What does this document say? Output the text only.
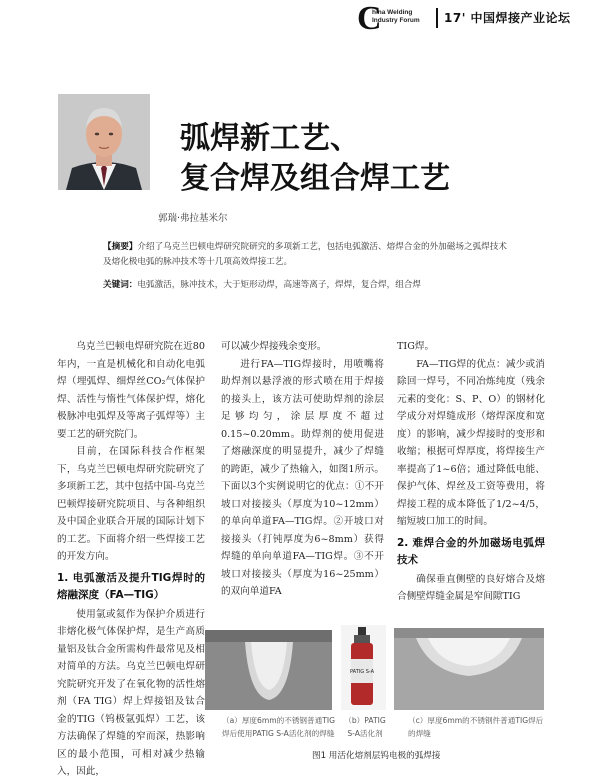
C
hina Welding
Industry Forum 17' 中国焊接产业论坛
弧焊新工艺、
复合焊及组合焊工艺
郭瑞·弗拉基米尔
【摘要】介绍了乌克兰巴顿电焊研究院研究的多项新工艺，包括电弧激活、熔焊合金的外加磁场之弧焊技术及熔化极电弧的脉冲技术等十几项高效焊接工艺。
关键词：电弧激活，脉冲技术，大于矩形动焊，高速等离子，焊焊，复合焊，组合焊

乌克兰巴顿电焊研究院在近80年内，一直是机械化和自动化电弧焊（埋弧焊、细焊丝CO₂气体保护焊、活性与惰性气体保护焊，熔化极脉冲电弧焊及等离子弧焊等）主要工艺的研究院门。

目前，在国际科技合作框架下，乌克兰巴顿电焊研究院研究了多项新工艺，其中包括中国-乌克兰巴顿焊接研究院项目、与各种组织及中国企业联合开展的国际计划下的工艺。下面将介绍一些焊接工艺的开发方向。

1. 电弧激活及提升TIG焊时的熔融深度（FA—TIG）

使用氩或氦作为保护介质进行非熔化极气体保护焊，是生产高质量铝及钛合金所需构件最常见及相对简单的方法。乌克兰巴顿电焊研究院研究开发了在氧化物的活性熔剂（FA TIG）焊上焊接铝及钛合金的TIG（钨极氩弧焊）工艺，该方法确保了焊缝的窄而深，热影响区的最小范围，可相对减少热输入，因此，

可以减少焊接残余变形。

进行FA—TIG焊接时，用喷嘴将助焊剂以悬浮液的形式喷在用于焊接的接头上，该方法可使助焊剂的涂层足够均匀，涂层厚度不超过0.15~0.20mm。助焊剂的使用促进了熔融深度的明显提升，减少了焊缝的跨距，减少了热输入，如图1所示。下面以3个实例说明它的优点：①不开坡口对接接头（厚度为10~12mm）的单向单道FA—TIG焊。②开坡口对接接头（打钝厚度为6~8mm）获得焊缝的单向单道FA—TIG焊。③不开坡口对接接头（厚度为16~25mm）的双向单道FA

TIG焊。

FA—TIG焊的优点：减少或消除回一焊号，不同冶炼纯度（残余元素的变化：S、P、O）的钢材化学成分对焊缝成形（熔焊深度和宽度）的影响，减少焊接时的变形和收缩；根据可焊厚度，将焊接生产率提高了1~6倍；通过降低电能、保护气体、焊丝及工资等费用，将焊接工程的成本降低了1/2~4/5，缩短坡口加工的时间。

2. 难焊合金的外加磁场电弧焊技术

确保垂直侧壁的良好熔合及熔合侧壁焊缝金属是窄间隙TIG

PATIG S-A
（a）厚度6mm的不锈钢普通TIG焊后使用PATIG S-A活化剂的焊缝
（b）PATIG S-A活化剂
（c）厚度6mm的不锈钢件普通TIG焊后的焊缝
图1 用活化熔剂层钨电极的弧焊接
